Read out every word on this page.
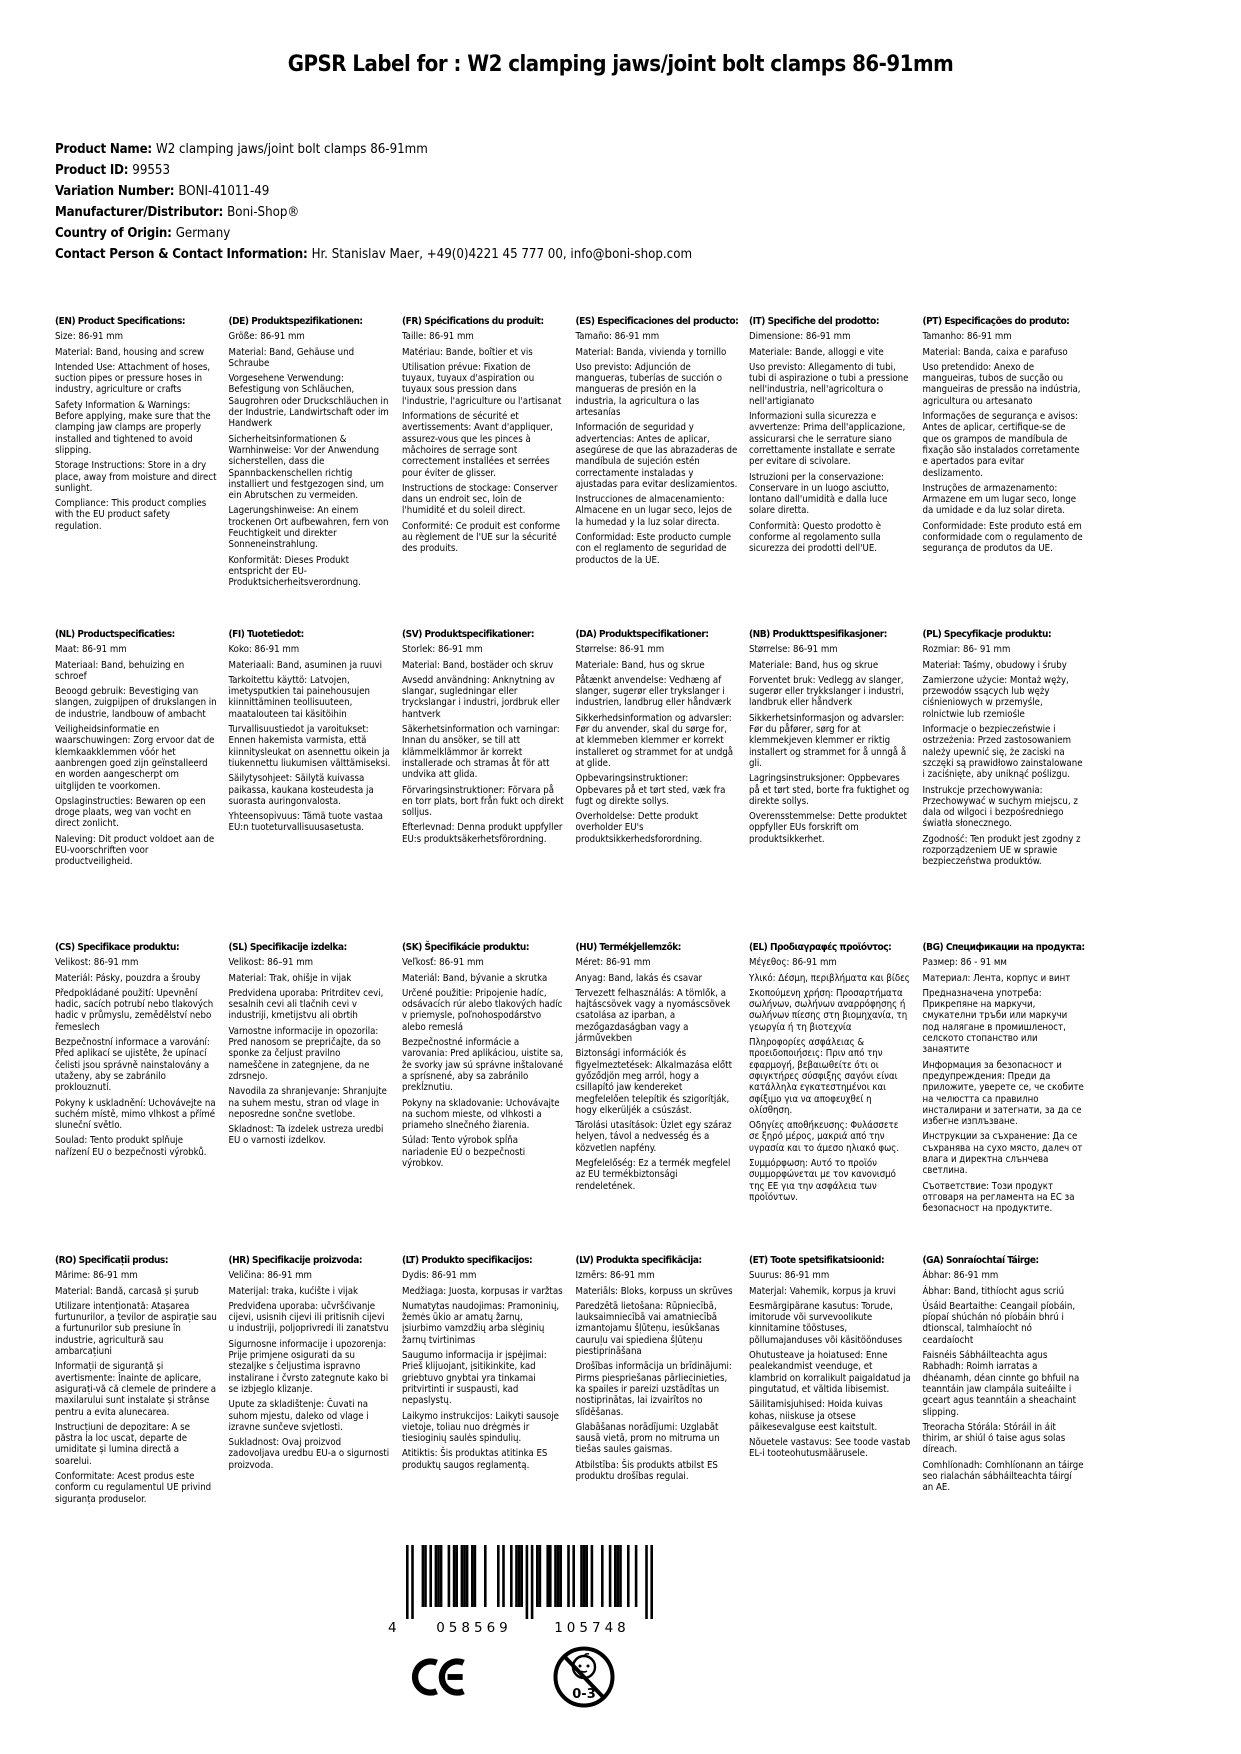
GPSR Label for : W2 clamping jaws/joint bolt clamps 86-91mm
Product Name: W2 clamping jaws/joint bolt clamps 86-91mm
Product ID: 99553
Variation Number: BONI-41011-49
Manufacturer/Distributor: Boni-Shop®
Country of Origin: Germany
Contact Person & Contact Information: Hr. Stanislav Maer, +49(0)4221 45 777 00, info@boni-shop.com
(EN) Product Specifications:

Size: 86-91 mm

Material: Band, housing and screw

Intended Use: Attachment of hoses, suction pipes or pressure hoses in industry, agriculture or crafts

Safety Information & Warnings: Before applying, make sure that the clamping jaw clamps are properly installed and tightened to avoid slipping.

Storage Instructions: Store in a dry place, away from moisture and direct sunlight.

Compliance: This product complies with the EU product safety regulation.

(DE) Produktspezifikationen:

Größe: 86-91 mm

Material: Band, Gehäuse und Schraube

Vorgesehene Verwendung: Befestigung von Schläuchen, Saugrohren oder Druckschläuchen in der Industrie, Landwirtschaft oder im Handwerk

Sicherheitsinformationen & Warnhinweise: Vor der Anwendung sicherstellen, dass die Spannbackenschellen richtig installiert und festgezogen sind, um ein Abrutschen zu vermeiden.

Lagerungshinweise: An einem trockenen Ort aufbewahren, fern von Feuchtigkeit und direkter Sonneneinstrahlung.

Konformität: Dieses Produkt entspricht der EU-Produktsicherheitsverordnung.

(FR) Spécifications du produit:

Taille: 86-91 mm

Matériau: Bande, boîtier et vis

Utilisation prévue: Fixation de tuyaux, tuyaux d'aspiration ou tuyaux sous pression dans l'industrie, l'agriculture ou l'artisanat

Informations de sécurité et avertissements: Avant d'appliquer, assurez-vous que les pinces à mâchoires de serrage sont correctement installées et serrées pour éviter de glisser.

Instructions de stockage: Conserver dans un endroit sec, loin de l'humidité et du soleil direct.

Conformité: Ce produit est conforme au règlement de l'UE sur la sécurité des produits.

(ES) Especificaciones del producto:

Tamaño: 86-91 mm

Material: Banda, vivienda y tornillo

Uso previsto: Adjunción de mangueras, tuberías de succión o mangueras de presión en la industria, la agricultura o las artesanías

Información de seguridad y advertencias: Antes de aplicar, asegúrese de que las abrazaderas de mandíbula de sujeción estén correctamente instaladas y ajustadas para evitar deslizamientos.

Instrucciones de almacenamiento: Almacene en un lugar seco, lejos de la humedad y la luz solar directa.

Conformidad: Este producto cumple con el reglamento de seguridad de productos de la UE.

(IT) Specifiche del prodotto:

Dimensione: 86-91 mm

Materiale: Bande, alloggi e vite

Uso previsto: Allegamento di tubi, tubi di aspirazione o tubi a pressione nell'industria, nell'agricoltura o nell'artigianato

Informazioni sulla sicurezza e avvertenze: Prima dell'applicazione, assicurarsi che le serrature siano correttamente installate e serrate per evitare di scivolare.

Istruzioni per la conservazione: Conservare in un luogo asciutto, lontano dall'umidità e dalla luce solare diretta.

Conformità: Questo prodotto è conforme al regolamento sulla sicurezza dei prodotti dell'UE.

(PT) Especificações do produto:

Tamanho: 86-91 mm

Material: Banda, caixa e parafuso

Uso pretendido: Anexo de mangueiras, tubos de sucção ou mangueiras de pressão na indústria, agricultura ou artesanato

Informações de segurança e avisos: Antes de aplicar, certifique-se de que os grampos de mandíbula de fixação são instalados corretamente e apertados para evitar deslizamento.

Instruções de armazenamento: Armazene em um lugar seco, longe da umidade e da luz solar direta.

Conformidade: Este produto está em conformidade com o regulamento de segurança de produtos da UE.

(NL) Productspecificaties:

Maat: 86-91 mm

Materiaal: Band, behuizing en schroef

Beoogd gebruik: Bevestiging van slangen, zuigpijpen of drukslangen in de industrie, landbouw of ambacht

Veiligheidsinformatie en waarschuwingen: Zorg ervoor dat de klemkaakklemmen vóór het aanbrengen goed zijn geïnstalleerd en worden aangescherpt om uitglijden te voorkomen.

Opslaginstructies: Bewaren op een droge plaats, weg van vocht en direct zonlicht.

Naleving: Dit product voldoet aan de EU-voorschriften voor productveiligheid.

(FI) Tuotetiedot:

Koko: 86-91 mm

Materiaali: Band, asuminen ja ruuvi

Tarkoitettu käyttö: Latvojen, imetysputkien tai painehousujen kiinnittäminen teollisuuteen, maatalouteen tai käsitöihin

Turvallisuustiedot ja varoitukset: Ennen hakemista varmista, että kiinnitysleukat on asennettu oikein ja tiukennettu liukumisen välttämiseksi.

Säilytysohjeet: Säilytä kuivassa paikassa, kaukana kosteudesta ja suorasta auringonvalosta.

Yhteensopivuus: Tämä tuote vastaa EU:n tuoteturvallisuusasetusta.

(SV) Produktspecifikationer:

Storlek: 86-91 mm

Material: Band, bostäder och skruv

Avsedd användning: Anknytning av slangar, sugledningar eller tryckslangar i industri, jordbruk eller hantverk

Säkerhetsinformation och varningar: Innan du ansöker, se till att klämmelklämmor är korrekt installerade och stramas åt för att undvika att glida.

Förvaringsinstruktioner: Förvara på en torr plats, bort från fukt och direkt solljus.

Efterlevnad: Denna produkt uppfyller EU:s produktsäkerhetsförordning.

(DA) Produktspecifikationer:

Størrelse: 86-91 mm

Materiale: Band, hus og skrue

Påtænkt anvendelse: Vedhæng af slanger, sugerør eller trykslanger i industrien, landbrug eller håndværk

Sikkerhedsinformation og advarsler: Før du anvender, skal du sørge for, at klemmeben klemmer er korrekt installeret og strammet for at undgå at glide.

Opbevaringsinstruktioner: Opbevares på et tørt sted, væk fra fugt og direkte sollys.

Overholdelse: Dette produkt overholder EU's produktsikkerhedsforordning.

(NB) Produkttspesifikasjoner:

Størrelse: 86-91 mm

Materiale: Band, hus og skrue

Forventet bruk: Vedlegg av slanger, sugerør eller trykkslanger i industri, landbruk eller håndverk

Sikkerhetsinformasjon og advarsler: Før du påfører, sørg for at klemmekjeven klemmer er riktig installert og strammet for å unngå å gli.

Lagringsinstruksjoner: Oppbevares på et tørt sted, borte fra fuktighet og direkte sollys.

Overensstemmelse: Dette produktet oppfyller EUs forskrift om produktsikkerhet.

(PL) Specyfikacje produktu:

Rozmiar: 86- 91 mm

Materiał: Taśmy, obudowy i śruby

Zamierzone użycie: Montaż węży, przewodów ssących lub węży ciśnieniowych w przemyśle, rolnictwie lub rzemiośle

Informacje o bezpieczeństwie i ostrzeżenia: Przed zastosowaniem należy upewnić się, że zaciski na szczęki są prawidłowo zainstalowane i zaciśnięte, aby uniknąć poślizgu.

Instrukcje przechowywania: Przechowywać w suchym miejscu, z dala od wilgoci i bezpośredniego światła słonecznego.

Zgodność: Ten produkt jest zgodny z rozporządzeniem UE w sprawie bezpieczeństwa produktów.

(CS) Specifikace produktu:

Velikost: 86-91 mm

Materiál: Pásky, pouzdra a šrouby

Předpokládané použití: Upevnění hadic, sacích potrubí nebo tlakových hadic v průmyslu, zemědělství nebo řemeslech

Bezpečnostní informace a varování: Před aplikací se ujistěte, že upínací čelisti jsou správně nainstalovány a utaženy, aby se zabránilo proklouznutí.

Pokyny k uskladnění: Uchovávejte na suchém místě, mimo vlhkost a přímé sluneční světlo.

Soulad: Tento produkt splňuje nařízení EU o bezpečnosti výrobků.

(SL) Specifikacije izdelka:

Velikost: 86–91 mm

Material: Trak, ohišje in vijak

Predvidena uporaba: Pritrditev cevi, sesalnih cevi ali tlačnih cevi v industriji, kmetijstvu ali obrtih

Varnostne informacije in opozorila: Pred nanosom se prepričajte, da so sponke za čeljust pravilno nameščene in zategnjene, da ne zdrsnejo.

Navodila za shranjevanje: Shranjujte na suhem mestu, stran od vlage in neposredne sončne svetlobe.

Skladnost: Ta izdelek ustreza uredbi EU o varnosti izdelkov.

(SK) Špecifikácie produktu:

Veľkosť: 86-91 mm

Materiál: Band, bývanie a skrutka

Určené použitie: Pripojenie hadíc, odsávacích rúr alebo tlakových hadíc v priemysle, poľnohospodárstvo alebo remeslá

Bezpečnostné informácie a varovania: Pred aplikáciou, uistite sa, že svorky jaw sú správne inštalované a sprísnené, aby sa zabránilo prekĺznutiu.

Pokyny na skladovanie: Uchovávajte na suchom mieste, od vlhkosti a priameho slnečného žiarenia.

Súlad: Tento výrobok spĺňa nariadenie EÚ o bezpečnosti výrobkov.

(HU) Termékjellemzők:

Méret: 86-91 mm

Anyag: Band, lakás és csavar

Tervezett felhasználás: A tömlők, a hajtáscsövek vagy a nyomáscsövek csatolása az iparban, a mezőgazdaságban vagy a járművekben

Biztonsági információk és figyelmeztetések: Alkalmazása előtt győződjön meg arról, hogy a csillapító jaw kendereket megfelelően telepítik és szigorítják, hogy elkerüljék a csúszást.

Tárolási utasítások: Üzlet egy száraz helyen, távol a nedvesség és a közvetlen napfény.

Megfelelőség: Ez a termék megfelel az EU termékbiztonsági rendeletének.

(EL) Προδιαγραφές προϊόντος:

Μέγεθος: 86-91 mm

Υλικό: Δέσμη, περιβλήματα και βίδες

Σκοπούμενη χρήση: Προσαρτήματα σωλήνων, σωλήνων αναρρόφησης ή σωλήνων πίεσης στη βιομηχανία, τη γεωργία ή τη βιοτεχνία

Πληροφορίες ασφάλειας & προειδοποιήσεις: Πριν από την εφαρμογή, βεβαιωθείτε ότι οι σφιγκτήρες σύσφιξης σαγόνι είναι κατάλληλα εγκατεστημένοι και σφίξιμο για να αποφευχθεί η ολίσθηση.

Οδηγίες αποθήκευσης: Φυλάσσετε σε ξηρό μέρος, μακριά από την υγρασία και το άμεσο ηλιακό φως.

Συμμόρφωση: Αυτό το προϊόν συμμορφώνεται με τον κανονισμό της ΕΕ για την ασφάλεια των προϊόντων.

(BG) Спецификации на продукта:

Размер: 86 - 91 мм

Материал: Лента, корпус и винт

Предназначена употреба: Прикрепяне на маркучи, смукателни тръби или маркучи под налягане в промишленост, селското стопанство или занаятите

Информация за безопасност и предупреждения: Преди да приложите, уверете се, че скобите на челюстта са правилно инсталирани и затегнати, за да се избегне изплъзване.

Инструкции за съхранение: Да се съхранява на сухо място, далеч от влага и директна слънчева светлина.

Съответствие: Този продукт отговаря на регламента на ЕС за безопасност на продуктите.

(RO) Specificații produs:

Mărime: 86-91 mm

Material: Bandă, carcasă și șurub

Utilizare intenționată: Atașarea furtunurilor, a țevilor de aspirație sau a furtunurilor sub presiune în industrie, agricultură sau ambarcațiuni

Informații de siguranță și avertismente: Înainte de aplicare, asigurați-vă că clemele de prindere a maxilarului sunt instalate și strânse pentru a evita alunecarea.

Instrucțiuni de depozitare: A se păstra la loc uscat, departe de umiditate și lumina directă a soarelui.

Conformitate: Acest produs este conform cu regulamentul UE privind siguranța produselor.

(HR) Specifikacije proizvoda:

Veličina: 86-91 mm

Materijal: traka, kućište i vijak

Predviđena uporaba: učvršćivanje cijevi, usisnih cijevi ili pritisnih cijevi u industriji, poljoprivredi ili zanatstvu

Sigurnosne informacije i upozorenja: Prije primjene osigurati da su stezaljke s čeljustima ispravno instalirane i čvrsto zategnute kako bi se izbjeglo klizanje.

Upute za skladištenje: Čuvati na suhom mjestu, daleko od vlage i izravne sunčeve svjetlosti.

Sukladnost: Ovaj proizvod zadovoljava uredbu EU-a o sigurnosti proizvoda.

(LT) Produkto specifikacijos:

Dydis: 86-91 mm

Medžiaga: Juosta, korpusas ir varžtas

Numatytas naudojimas: Pramoninių, žemės ūkio ar amatų žarnų, įsiurbimo vamzdžių arba slėginių žarnų tvirtinimas

Saugumo informacija ir įspėjimai: Prieš klijuojant, įsitikinkite, kad griebtuvo gnybtai yra tinkamai pritvirtinti ir suspausti, kad nepaslystų.

Laikymo instrukcijos: Laikyti sausoje vietoje, toliau nuo drėgmės ir tiesioginių saulės spindulių.

Atitiktis: Šis produktas atitinka ES produktų saugos reglamentą.

(LV) Produkta specifikācija:

Izmērs: 86-91 mm

Materiāls: Bloks, korpuss un skrūves

Paredzētā lietošana: Rūpniecībā, lauksaimniecībā vai amatniecībā izmantojamu šļūteņu, iesūkšanas cauruļu vai spiediena šļūteņu piestiprināšana

Drošības informācija un brīdinājumi: Pirms piespriešanas pārliecinieties, ka spailes ir pareizi uzstādītas un nostiprinātas, lai izvairītos no slīdēšanas.

Glabāšanas norādījumi: Uzglabāt sausā vietā, prom no mitruma un tiešas saules gaismas.

Atbilstība: Šis produkts atbilst ES produktu drošības regulai.

(ET) Toote spetsifikatsioonid:

Suurus: 86-91 mm

Materjal: Vahemik, korpus ja kruvi

Eesmärgipärane kasutus: Torude, imitorude või survevoolikute kinnitamine tööstuses, põllumajanduses või käsitöönduses

Ohutusteave ja hoiatused: Enne pealekandmist veenduge, et klambrid on korralikult paigaldatud ja pingutatud, et vältida libisemist.

Säilitamisjuhised: Hoida kuivas kohas, niiskuse ja otsese päikesevalguse eest kaitstult.

Nõuetele vastavus: See toode vastab EL-i tooteohutusmäärusele.

(GA) Sonraíochtaí Táirge:

Ábhar: 86-91 mm

Ábhar: Band, tithíocht agus scriú

Úsáid Beartaithe: Ceangail píobáin, píopaí shúchán nó píobáin bhrú i dtionscal, talmhaíocht nó ceardaíocht

Faisnéis Sábháilteachta agus Rabhadh: Roimh iarratas a dhéanamh, déan cinnte go bhfuil na teanntáin jaw clampála suiteáilte i gceart agus teanntáin a sheachaint slipping.

Treoracha Stórála: Stóráil in áit thirim, ar shiúl ó taise agus solas díreach.

Comhlíonadh: Comhlíonann an táirge seo rialachán sábháilteachta táirgí an AE.

4	058569	105748
0-3
